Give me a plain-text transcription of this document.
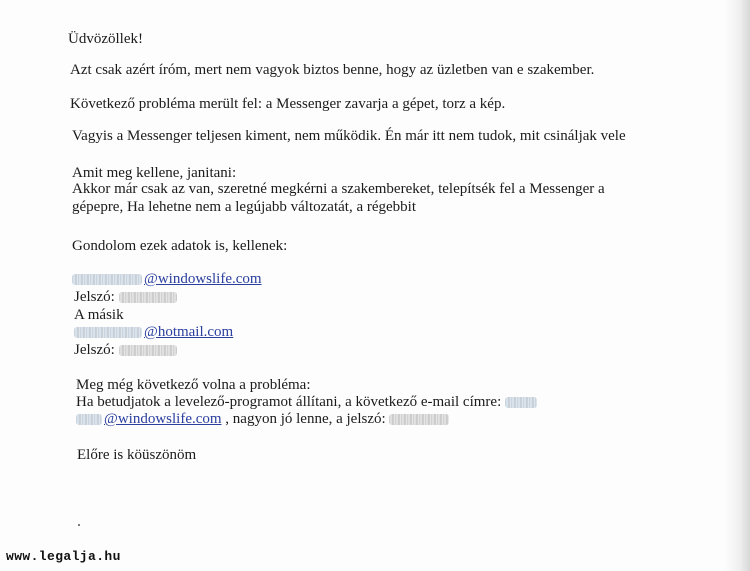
Üdvözöllek!
Azt csak azért íróm, mert nem vagyok biztos benne, hogy az üzletben van e szakember.
Következő probléma merült fel: a Messenger zavarja a gépet, torz a kép.
Vagyis a Messenger teljesen kiment, nem működik. Én már itt nem tudok, mit csináljak vele
Amit meg kellene, janitani:
Akkor már csak az van, szeretné megkérni a szakembereket, telepítsék fel a Messenger a
gépepre, Ha lehetne nem a legújabb változatát, a régebbit
Gondolom ezek adatok is, kellenek:
@windowslife.com
Jelszó:
A másik
@hotmail.com
Jelszó:
Meg még következő volna a probléma:
Ha betudjatok a levelező-programot állítani, a következő e-mail címre:
@windowslife.com , nagyon jó lenne, a jelszó:
Előre is köüszönöm
www.legalja.hu
